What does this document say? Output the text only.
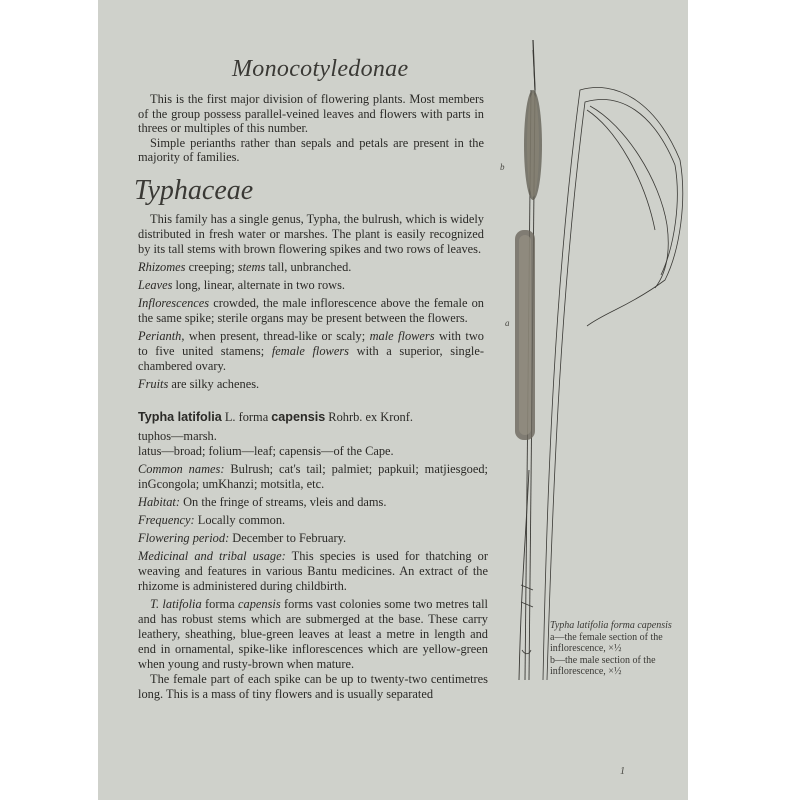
Monocotyledonae

This is the first major division of flowering plants. Most members of the group possess parallel-veined leaves and flowers with parts in threes or multiples of this number.

Simple perianths rather than sepals and petals are present in the majority of families.

Typhaceae

This family has a single genus, Typha, the bulrush, which is widely distributed in fresh water or marshes. The plant is easily recognized by its tall stems with brown flowering spikes and two rows of leaves.

Rhizomes creeping; stems tall, unbranched.

Leaves long, linear, alternate in two rows.

Inflorescences crowded, the male inflorescence above the female on the same spike; sterile organs may be present between the flowers.

Perianth, when present, thread-like or scaly; male flowers with two to five united stamens; female flowers with a superior, single-chambered ovary.

Fruits are silky achenes.

Typha latifolia L. forma capensis Rohrb. ex Kronf.

tuphos—marsh.

latus—broad; folium—leaf; capensis—of the Cape.

Common names: Bulrush; cat's tail; palmiet; papkuil; matjiesgoed; inGcongola; umKhanzi; motsitla, etc.

Habitat: On the fringe of streams, vleis and dams.

Frequency: Locally common.

Flowering period: December to February.

Medicinal and tribal usage: This species is used for thatching or weaving and features in various Bantu medicines. An extract of the rhizome is administered during childbirth.

T. latifolia forma capensis forms vast colonies some two metres tall and has robust stems which are submerged at the base. These carry leathery, sheathing, blue-green leaves at least a metre in length and end in ornamental, spike-like inflorescences which are yellow-green when young and rusty-brown when mature.

The female part of each spike can be up to twenty-two centimetres long. This is a mass of tiny flowers and is usually separated

b
a

Typha latifolia forma capensis

a—the female section of the inflorescence, ×½

b—the male section of the inflorescence, ×½

1
